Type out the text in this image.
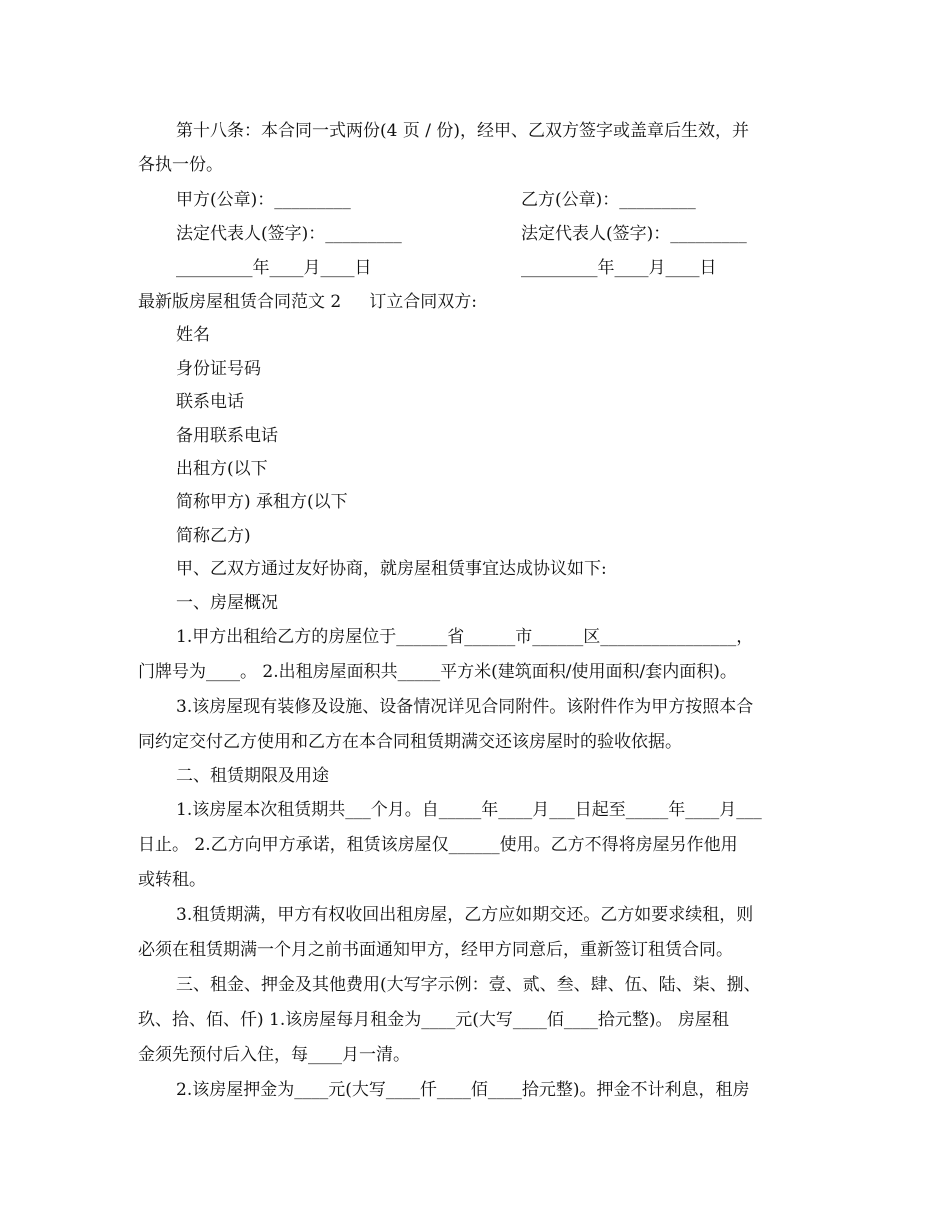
第十八条：本合同一式两份(4 页 / 份)，经甲、乙双方签字或盖章后生效，并
各执一份。
甲方(公章)：_________	乙方(公章)：_________
法定代表人(签字)：_________	法定代表人(签字)：_________
_________年____月____日	_________年____月____日
最新版房屋租赁合同范文 2 订立合同双方:
姓名
身份证号码
联系电话
备用联系电话
出租方(以下
简称甲方) 承租方(以下
简称乙方)
甲、乙双方通过友好协商，就房屋租赁事宜达成协议如下:
一、房屋概况
1.甲方出租给乙方的房屋位于______省______市______区________________，
门牌号为____。 2.出租房屋面积共_____平方米(建筑面积/使用面积/套内面积)。
3.该房屋现有装修及设施、设备情况详见合同附件。该附件作为甲方按照本合
同约定交付乙方使用和乙方在本合同租赁期满交还该房屋时的验收依据。
二、租赁期限及用途
1.该房屋本次租赁期共___个月。自_____年____月___日起至_____年____月___
日止。 2.乙方向甲方承诺，租赁该房屋仅______使用。乙方不得将房屋另作他用
或转租。
3.租赁期满，甲方有权收回出租房屋，乙方应如期交还。乙方如要求续租，则
必须在租赁期满一个月之前书面通知甲方，经甲方同意后，重新签订租赁合同。
三、租金、押金及其他费用(大写字示例：壹、贰、叁、肆、伍、陆、柒、捌、
玖、拾、佰、仟) 1.该房屋每月租金为____元(大写____佰____拾元整)。 房屋租
金须先预付后入住，每____月一清。
2.该房屋押金为____元(大写____仟____佰____拾元整)。押金不计利息，租房
